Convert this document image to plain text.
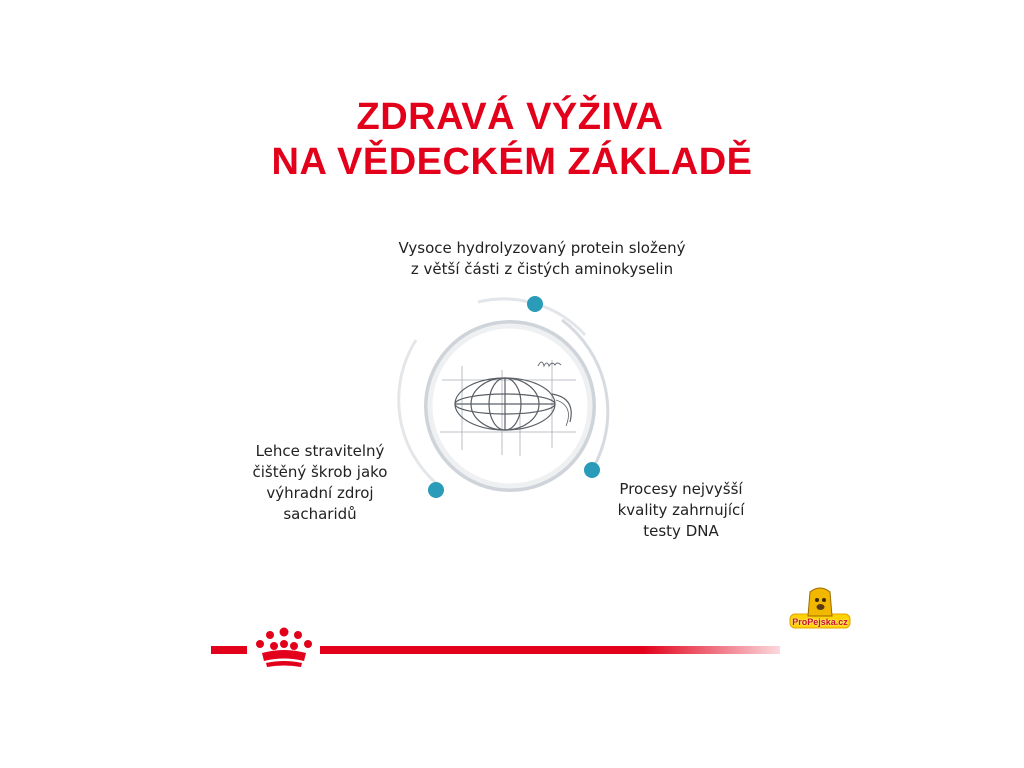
ZDRAVÁ VÝŽIVA
NA VĚDECKÉM ZÁKLADĚ
Vysoce hydrolyzovaný protein složený
z větší části z čistých aminokyselin
Lehce stravitelný
čištěný škrob jako
výhradní zdroj
sacharidů
Procesy nejvyšší
kvality zahrnující
testy DNA
ProPejska.cz
